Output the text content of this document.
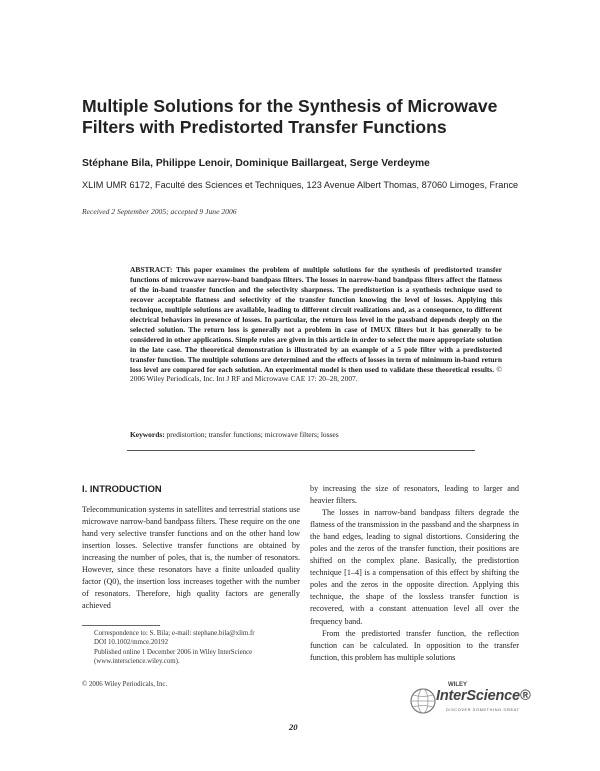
Multiple Solutions for the Synthesis of Microwave Filters with Predistorted Transfer Functions
Stéphane Bila, Philippe Lenoir, Dominique Baillargeat, Serge Verdeyme
XLIM UMR 6172, Faculté des Sciences et Techniques, 123 Avenue Albert Thomas, 87060 Limoges, France
Received 2 September 2005; accepted 9 June 2006
ABSTRACT: This paper examines the problem of multiple solutions for the synthesis of predistorted transfer functions of microwave narrow-band bandpass filters. The losses in narrow-band bandpass filters affect the flatness of the in-band transfer function and the selectivity sharpness. The predistortion is a synthesis technique used to recover acceptable flatness and selectivity of the transfer function knowing the level of losses. Applying this technique, multiple solutions are available, leading to different circuit realizations and, as a consequence, to different electrical behaviors in presence of losses. In particular, the return loss level in the passband depends deeply on the selected solution. The return loss is generally not a problem in case of IMUX filters but it has generally to be considered in other applications. Simple rules are given in this article in order to select the more appropriate solution in the late case. The theoretical demonstration is illustrated by an example of a 5 pole filter with a predistorted transfer function. The multiple solutions are determined and the effects of losses in term of minimum in-band return loss level are compared for each solution. An experimental model is then used to validate these theoretical results. © 2006 Wiley Periodicals, Inc. Int J RF and Microwave CAE 17: 20–28, 2007.
Keywords: predistortion; transfer functions; microwave filters; losses
I. INTRODUCTION

Telecommunication systems in satellites and terrestrial stations use microwave narrow-band bandpass filters. These require on the one hand very selective transfer functions and on the other hand low insertion losses. Selective transfer functions are obtained by increasing the number of poles, that is, the number of resonators. However, since these resonators have a finite unloaded quality factor (Q0), the insertion loss increases together with the number of resonators. Therefore, high quality factors are generally achieved

by increasing the size of resonators, leading to larger and heavier filters.

The losses in narrow-band bandpass filters degrade the flatness of the transmission in the passband and the sharpness in the band edges, leading to signal distortions. Considering the poles and the zeros of the transfer function, their positions are shifted on the complex plane. Basically, the predistortion technique [1–4] is a compensation of this effect by shifting the poles and the zeros in the opposite direction. Applying this technique, the shape of the lossless transfer function is recovered, with a constant attenuation level all over the frequency band.

From the predistorted transfer function, the reflection function can be calculated. In opposition to the transfer function, this problem has multiple solutions

Correspondence to: S. Bila; e-mail: stephane.bila@xlim.fr
DOI 10.1002/mmce.20192
Published online 1 December 2006 in Wiley InterScience (www.interscience.wiley.com).
© 2006 Wiley Periodicals, Inc.
20
WILEY
InterScience®
DISCOVER SOMETHING GREAT
